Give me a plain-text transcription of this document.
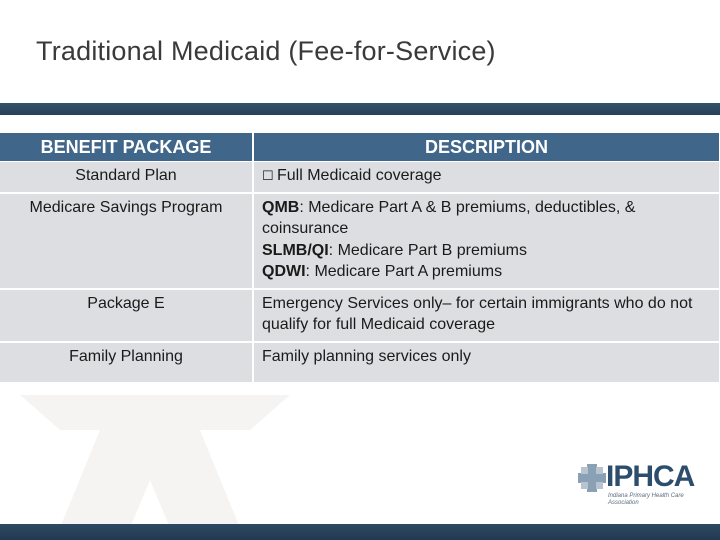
Traditional Medicaid (Fee-for-Service)
BENEFIT PACKAGE	DESCRIPTION
Standard Plan	☐ Full Medicaid coverage
Medicare Savings Program	QMB: Medicare Part A & B premiums, deductibles, & coinsurance
SLMB/QI: Medicare Part B premiums
QDWI: Medicare Part A premiums
Package E	Emergency Services only– for certain immigrants who do not qualify for full Medicaid coverage
Family Planning	Family planning services only
IPHCA
Indiana Primary Health Care Association
